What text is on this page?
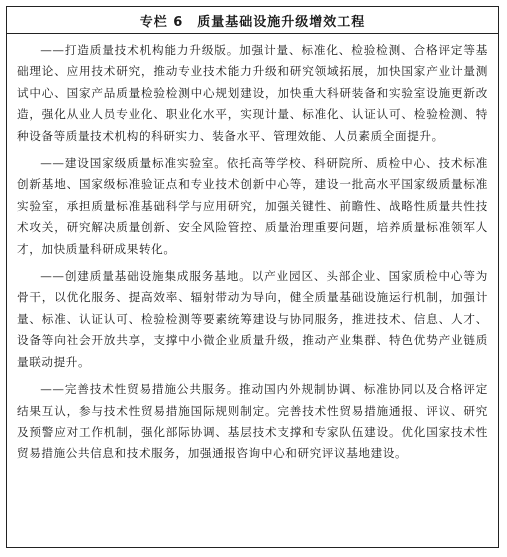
专栏 6 质量基础设施升级增效工程

——打造质量技术机构能力升级版。加强计量、标准化、检验检测、合格评定等基础理论、应用技术研究，推动专业技术能力升级和研究领域拓展，加快国家产业计量测试中心、国家产品质量检验检测中心规划建设，加快重大科研装备和实验室设施更新改造，强化从业人员专业化、职业化水平，实现计量、标准化、认证认可、检验检测、特种设备等质量技术机构的科研实力、装备水平、管理效能、人员素质全面提升。

——建设国家级质量标准实验室。依托高等学校、科研院所、质检中心、技术标准创新基地、国家级标准验证点和专业技术创新中心等，建设一批高水平国家级质量标准实验室，承担质量标准基础科学与应用研究，加强关键性、前瞻性、战略性质量共性技术攻关，研究解决质量创新、安全风险管控、质量治理重要问题，培养质量标准领军人才，加快质量科研成果转化。

——创建质量基础设施集成服务基地。以产业园区、头部企业、国家质检中心等为骨干，以优化服务、提高效率、辐射带动为导向，健全质量基础设施运行机制，加强计量、标准、认证认可、检验检测等要素统筹建设与协同服务，推进技术、信息、人才、设备等向社会开放共享，支撑中小微企业质量升级，推动产业集群、特色优势产业链质量联动提升。

——完善技术性贸易措施公共服务。推动国内外规制协调、标准协同以及合格评定结果互认，参与技术性贸易措施国际规则制定。完善技术性贸易措施通报、评议、研究及预警应对工作机制，强化部际协调、基层技术支撑和专家队伍建设。优化国家技术性贸易措施公共信息和技术服务，加强通报咨询中心和研究评议基地建设。
